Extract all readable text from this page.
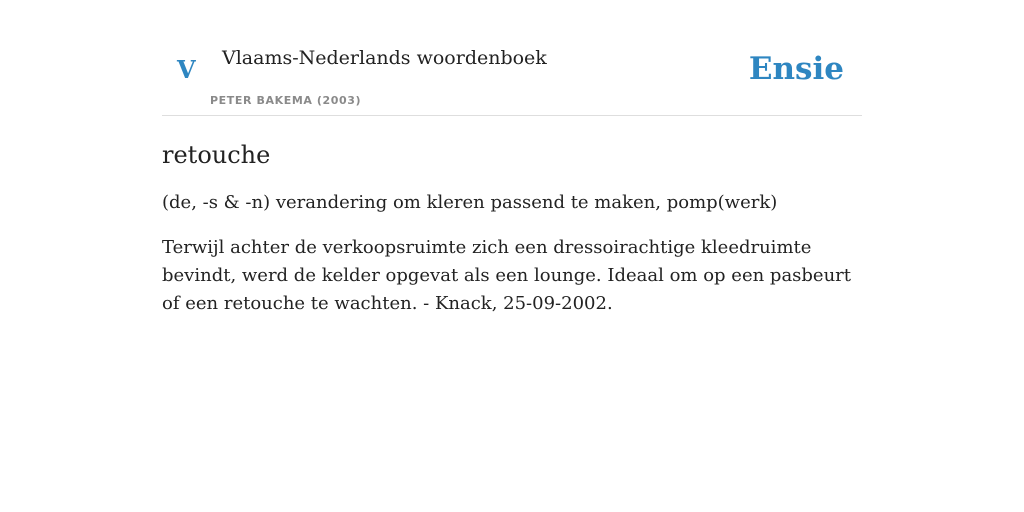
V Vlaams-Nederlands woordenboek
PETER BAKEMA (2003)
Ensie
retouche

(de, -s & -n) verandering om kleren passend te maken, pomp(werk)

Terwijl achter de verkoopsruimte zich een dressoirachtige kleedruimte bevindt, werd de kelder opgevat als een lounge. Ideaal om op een pasbeurt of een retouche te wachten. - Knack, 25-09-2002.
